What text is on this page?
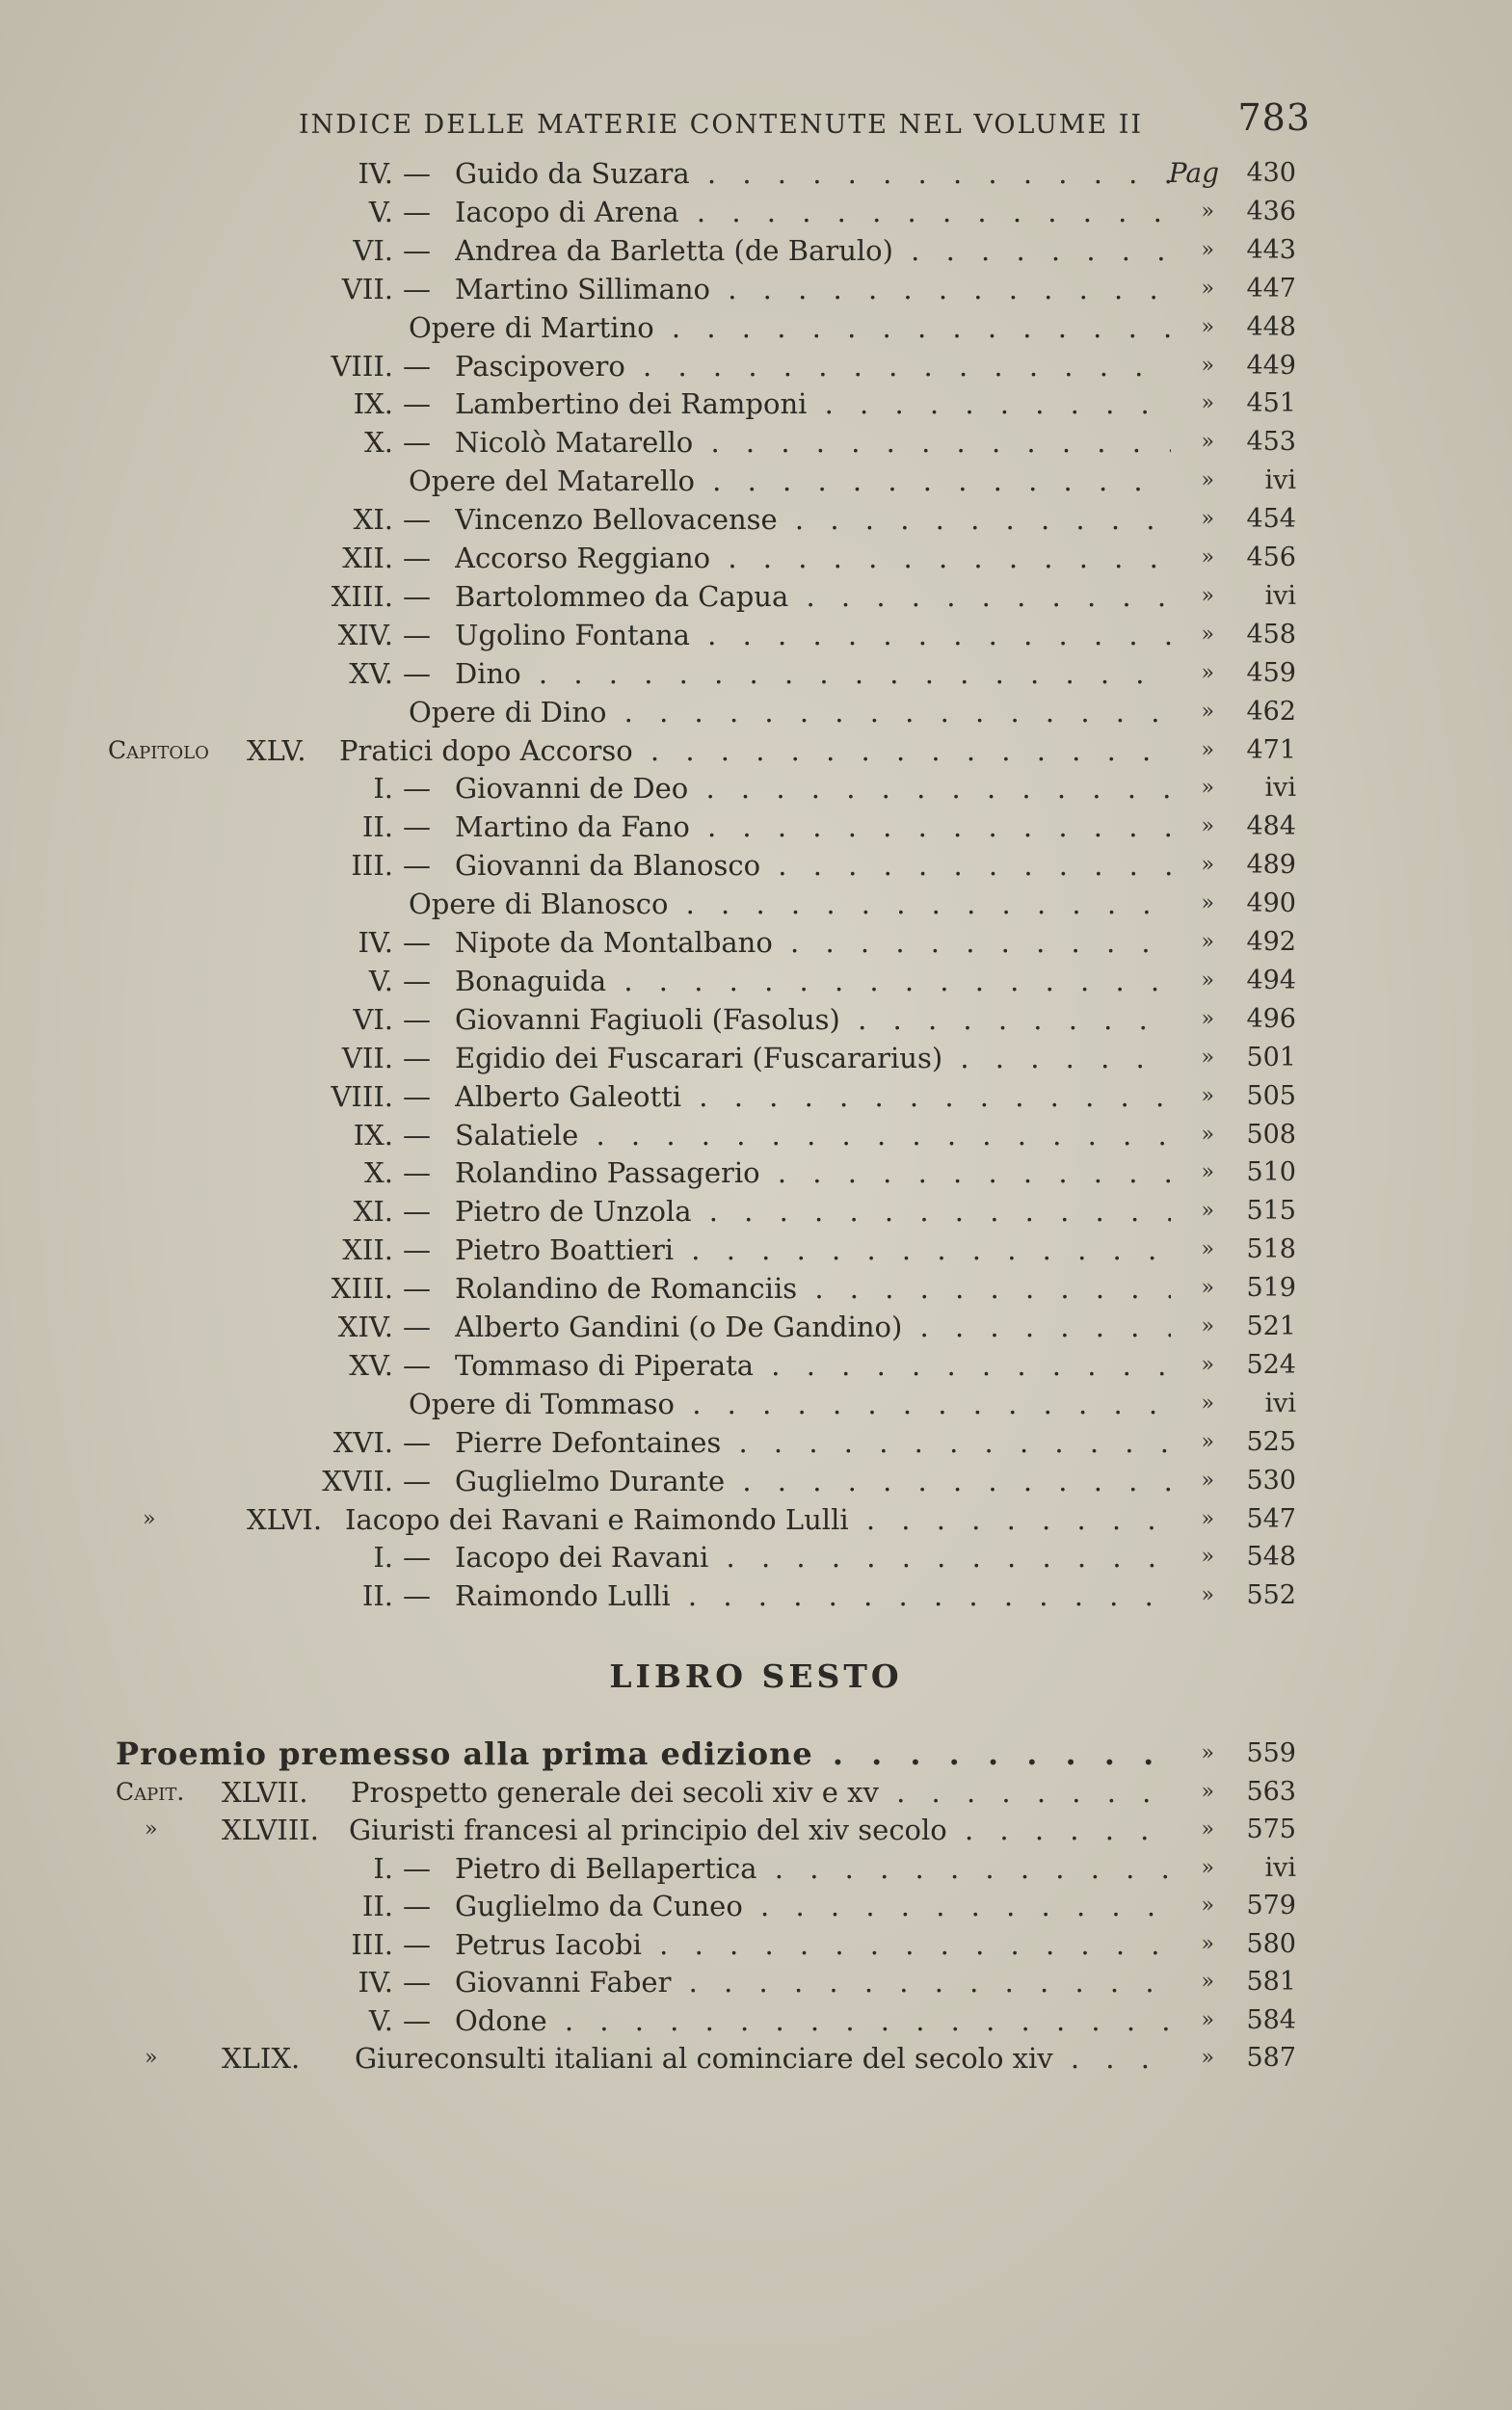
INDICE DELLE MATERIE CONTENUTE NEL VOLUME II	783
IV. — Guido da Suzara . . .	Pag	430
V. — Iacopo di Arena . . .	»	436
VI. — Andrea da Barletta (de Barulo) . . .	»	443
VII. — Martino Sillimano . . .	»	447
Opere di Martino . . .	»	448
VIII. — Pascipovero . . .	»	449
IX. — Lambertino dei Ramponi . . .	»	451
X. — Nicolò Matarello . . .	»	453
Opere del Matarello . . .	»	ivi
XI. — Vincenzo Bellovacense . . .	»	454
XII. — Accorso Reggiano . . .	»	456
XIII. — Bartolommeo da Capua . . .	»	ivi
XIV. — Ugolino Fontana . . .	»	458
XV. — Dino . . .	»	459
Opere di Dino . . .	»	462
Capitolo XLV. Pratici dopo Accorso . . .	»	471
I. — Giovanni de Deo . . .	»	ivi
II. — Martino da Fano . . .	»	484
III. — Giovanni da Blanosco . . .	»	489
Opere di Blanosco . . .	»	490
IV. — Nipote da Montalbano . . .	»	492
V. — Bonaguida . . .	»	494
VI. — Giovanni Fagiuoli (Fasolus) . . .	»	496
VII. — Egidio dei Fuscarari (Fuscararius) . . .	»	501
VIII. — Alberto Galeotti . . .	»	505
IX. — Salatiele . . .	»	508
X. — Rolandino Passagerio . . .	»	510
XI. — Pietro de Unzola . . .	»	515
XII. — Pietro Boattieri . . .	»	518
XIII. — Rolandino de Romanciis . . .	»	519
XIV. — Alberto Gandini (o De Gandino) . . .	»	521
XV. — Tommaso di Piperata . . .	»	524
Opere di Tommaso . . .	»	ivi
XVI. — Pierre Defontaines . . .	»	525
XVII. — Guglielmo Durante . . .	»	530
»	XLVI. Iacopo dei Ravani e Raimondo Lulli . . .	»	547
I. — Iacopo dei Ravani . . .	»	548
II. — Raimondo Lulli . . .	»	552
LIBRO SESTO
Proemio premesso alla prima edizione . . .	»	559
Capit. XLVII. Prospetto generale dei secoli xiv e xv . . .	»	563
» XLVIII. Giuristi francesi al principio del xiv secolo . . .	»	575
I. — Pietro di Bellapertica . . .	»	ivi
II. — Guglielmo da Cuneo . . .	»	579
III. — Petrus Iacobi . . .	»	580
IV. — Giovanni Faber . . .	»	581
V. — Odone . . .	»	584
» XLIX. Giureconsulti italiani al cominciare del secolo xiv . . .	»	587
